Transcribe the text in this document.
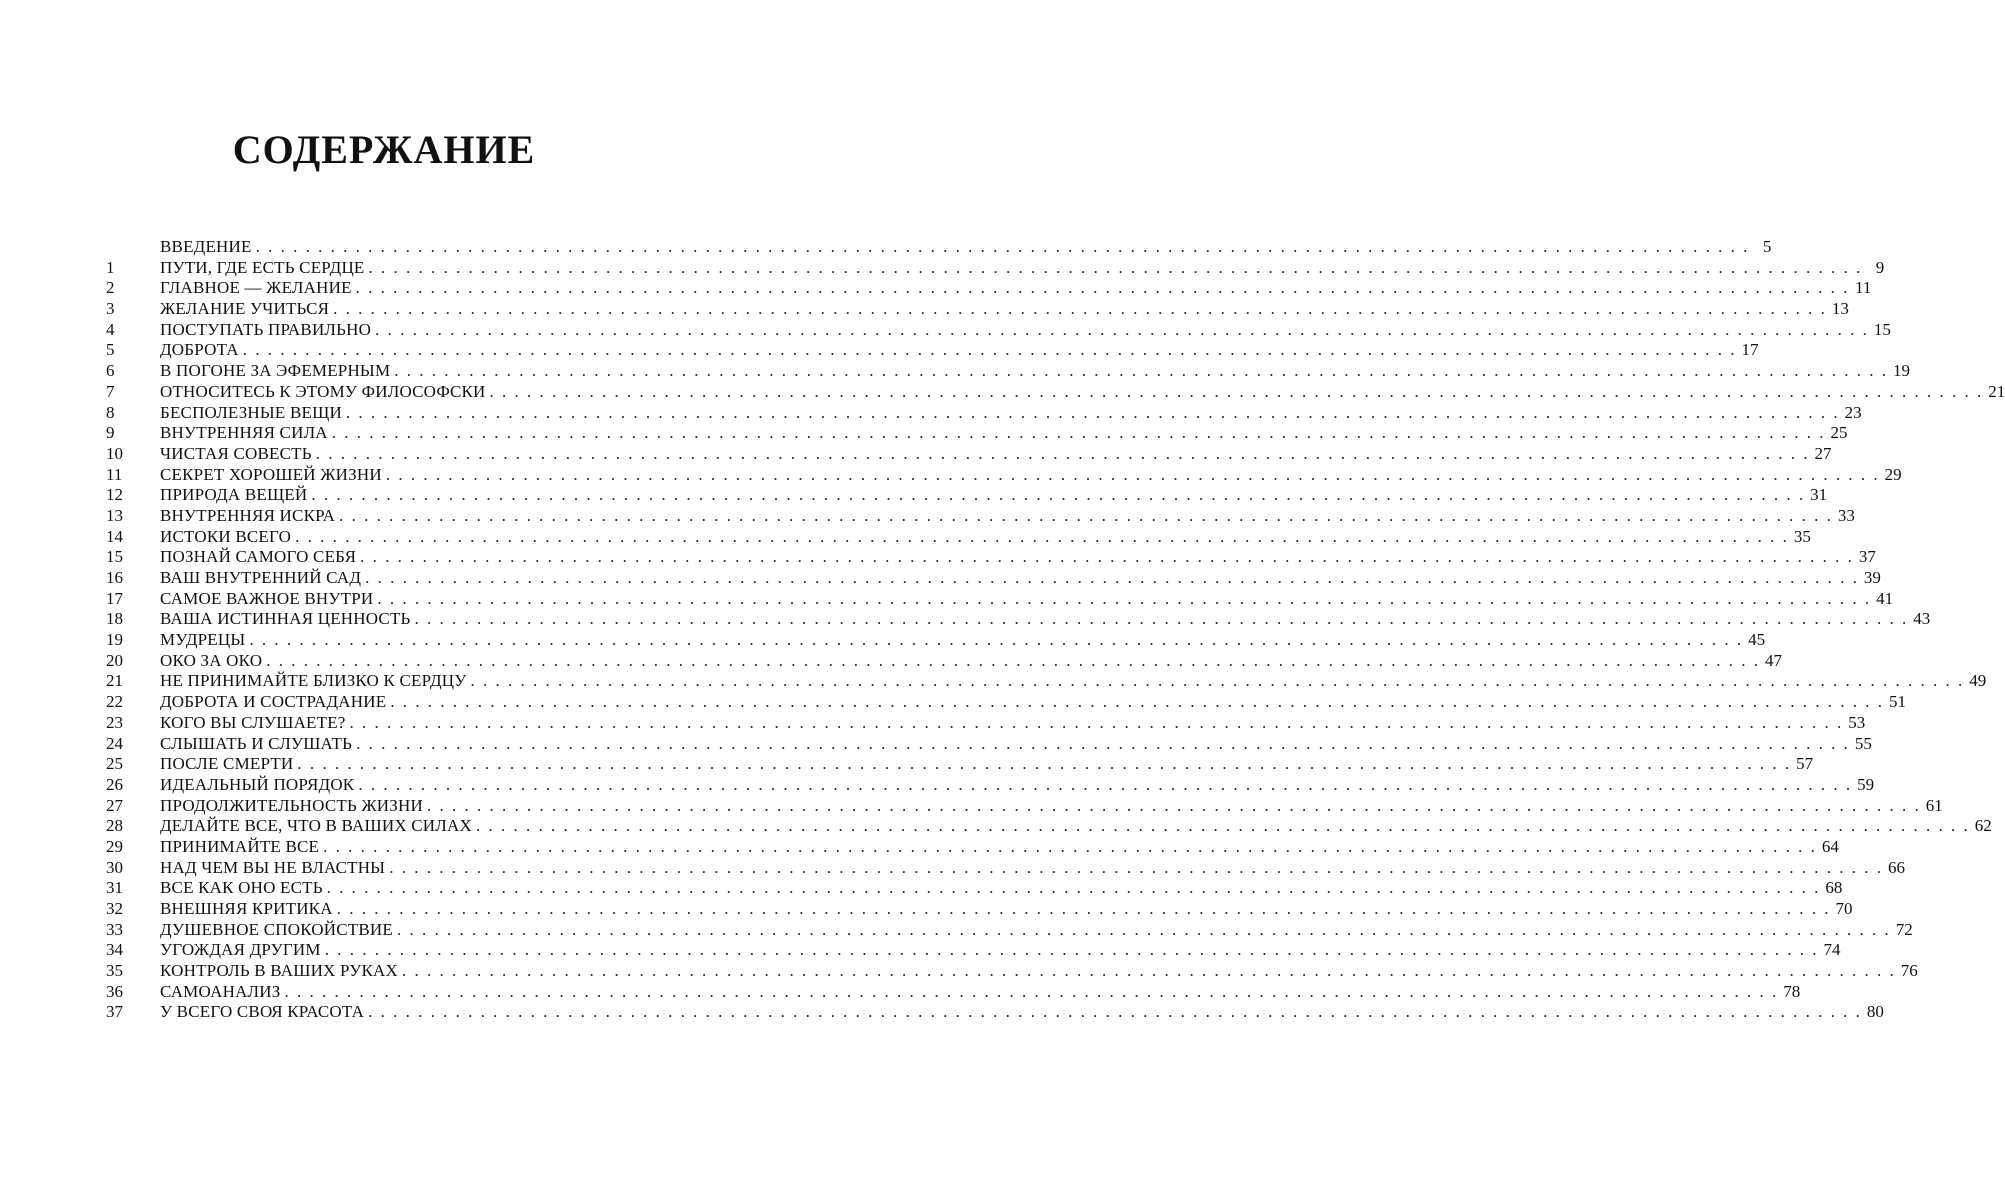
СОДЕРЖАНИЕ
ВВЕДЕНИЕ . . . . . . . . . . . . . . . . . . . . . . . . . . . . . . . . . . . . . . . . . . . . . . . . . . . . . . . . . . . . . . . . . . . . . . . . . . . . . . . . . . . . . . . . . . . . . . . . . . . . . . . . . . . . . . . . . . . . . . . . 5
1	ПУТИ, ГДЕ ЕСТЬ СЕРДЦЕ . . . . . . . . . . . . . . . . . . . . . . . . . . . . . . . . . . . . . . . . . . . . . . . . . . . . . . . . . . . . . . . . . . . . . . . . . . . . . . . . . . . . . . . . . . . . . . . . . . . . . . . . . . . . . . . . . . . . . . . . 9
2	ГЛАВНОЕ — ЖЕЛАНИЕ . . . . . . . . . . . . . . . . . . . . . . . . . . . . . . . . . . . . . . . . . . . . . . . . . . . . . . . . . . . . . . . . . . . . . . . . . . . . . . . . . . . . . . . . . . . . . . . . . . . . . . . . . . . . . . . . . . . . . . . . 11
3	ЖЕЛАНИЕ УЧИТЬСЯ . . . . . . . . . . . . . . . . . . . . . . . . . . . . . . . . . . . . . . . . . . . . . . . . . . . . . . . . . . . . . . . . . . . . . . . . . . . . . . . . . . . . . . . . . . . . . . . . . . . . . . . . . . . . . . . . . . . . . . . . 13
4	ПОСТУПАТЬ ПРАВИЛЬНО . . . . . . . . . . . . . . . . . . . . . . . . . . . . . . . . . . . . . . . . . . . . . . . . . . . . . . . . . . . . . . . . . . . . . . . . . . . . . . . . . . . . . . . . . . . . . . . . . . . . . . . . . . . . . . . . . . . . . . . . 15
5	ДОБРОТА . . . . . . . . . . . . . . . . . . . . . . . . . . . . . . . . . . . . . . . . . . . . . . . . . . . . . . . . . . . . . . . . . . . . . . . . . . . . . . . . . . . . . . . . . . . . . . . . . . . . . . . . . . . . . . . . . . . . . . . . 17
6	В ПОГОНЕ ЗА ЭФЕМЕРНЫМ . . . . . . . . . . . . . . . . . . . . . . . . . . . . . . . . . . . . . . . . . . . . . . . . . . . . . . . . . . . . . . . . . . . . . . . . . . . . . . . . . . . . . . . . . . . . . . . . . . . . . . . . . . . . . . . . . . . . . . . . 19
7	ОТНОСИТЕСЬ К ЭТОМУ ФИЛОСОФСКИ . . . . . . . . . . . . . . . . . . . . . . . . . . . . . . . . . . . . . . . . . . . . . . . . . . . . . . . . . . . . . . . . . . . . . . . . . . . . . . . . . . . . . . . . . . . . . . . . . . . . . . . . . . . . . . . . . . . . . . . . 21
8	БЕСПОЛЕЗНЫЕ ВЕЩИ . . . . . . . . . . . . . . . . . . . . . . . . . . . . . . . . . . . . . . . . . . . . . . . . . . . . . . . . . . . . . . . . . . . . . . . . . . . . . . . . . . . . . . . . . . . . . . . . . . . . . . . . . . . . . . . . . . . . . . . . 23
9	ВНУТРЕННЯЯ СИЛА . . . . . . . . . . . . . . . . . . . . . . . . . . . . . . . . . . . . . . . . . . . . . . . . . . . . . . . . . . . . . . . . . . . . . . . . . . . . . . . . . . . . . . . . . . . . . . . . . . . . . . . . . . . . . . . . . . . . . . . . 25
10	ЧИСТАЯ СОВЕСТЬ . . . . . . . . . . . . . . . . . . . . . . . . . . . . . . . . . . . . . . . . . . . . . . . . . . . . . . . . . . . . . . . . . . . . . . . . . . . . . . . . . . . . . . . . . . . . . . . . . . . . . . . . . . . . . . . . . . . . . . . . 27
11	СЕКРЕТ ХОРОШЕЙ ЖИЗНИ . . . . . . . . . . . . . . . . . . . . . . . . . . . . . . . . . . . . . . . . . . . . . . . . . . . . . . . . . . . . . . . . . . . . . . . . . . . . . . . . . . . . . . . . . . . . . . . . . . . . . . . . . . . . . . . . . . . . . . . . 29
12	ПРИРОДА ВЕЩЕЙ . . . . . . . . . . . . . . . . . . . . . . . . . . . . . . . . . . . . . . . . . . . . . . . . . . . . . . . . . . . . . . . . . . . . . . . . . . . . . . . . . . . . . . . . . . . . . . . . . . . . . . . . . . . . . . . . . . . . . . . . 31
13	ВНУТРЕННЯЯ ИСКРА . . . . . . . . . . . . . . . . . . . . . . . . . . . . . . . . . . . . . . . . . . . . . . . . . . . . . . . . . . . . . . . . . . . . . . . . . . . . . . . . . . . . . . . . . . . . . . . . . . . . . . . . . . . . . . . . . . . . . . . . 33
14	ИСТОКИ ВСЕГО . . . . . . . . . . . . . . . . . . . . . . . . . . . . . . . . . . . . . . . . . . . . . . . . . . . . . . . . . . . . . . . . . . . . . . . . . . . . . . . . . . . . . . . . . . . . . . . . . . . . . . . . . . . . . . . . . . . . . . . . 35
15	ПОЗНАЙ САМОГО СЕБЯ . . . . . . . . . . . . . . . . . . . . . . . . . . . . . . . . . . . . . . . . . . . . . . . . . . . . . . . . . . . . . . . . . . . . . . . . . . . . . . . . . . . . . . . . . . . . . . . . . . . . . . . . . . . . . . . . . . . . . . . . 37
16	ВАШ ВНУТРЕННИЙ САД . . . . . . . . . . . . . . . . . . . . . . . . . . . . . . . . . . . . . . . . . . . . . . . . . . . . . . . . . . . . . . . . . . . . . . . . . . . . . . . . . . . . . . . . . . . . . . . . . . . . . . . . . . . . . . . . . . . . . . . . 39
17	САМОЕ ВАЖНОЕ ВНУТРИ . . . . . . . . . . . . . . . . . . . . . . . . . . . . . . . . . . . . . . . . . . . . . . . . . . . . . . . . . . . . . . . . . . . . . . . . . . . . . . . . . . . . . . . . . . . . . . . . . . . . . . . . . . . . . . . . . . . . . . . . 41
18	ВАША ИСТИННАЯ ЦЕННОСТЬ . . . . . . . . . . . . . . . . . . . . . . . . . . . . . . . . . . . . . . . . . . . . . . . . . . . . . . . . . . . . . . . . . . . . . . . . . . . . . . . . . . . . . . . . . . . . . . . . . . . . . . . . . . . . . . . . . . . . . . . . 43
19	МУДРЕЦЫ . . . . . . . . . . . . . . . . . . . . . . . . . . . . . . . . . . . . . . . . . . . . . . . . . . . . . . . . . . . . . . . . . . . . . . . . . . . . . . . . . . . . . . . . . . . . . . . . . . . . . . . . . . . . . . . . . . . . . . . . 45
20	ОКО ЗА ОКО . . . . . . . . . . . . . . . . . . . . . . . . . . . . . . . . . . . . . . . . . . . . . . . . . . . . . . . . . . . . . . . . . . . . . . . . . . . . . . . . . . . . . . . . . . . . . . . . . . . . . . . . . . . . . . . . . . . . . . . . 47
21	НЕ ПРИНИМАЙТЕ БЛИЗКО К СЕРДЦУ . . . . . . . . . . . . . . . . . . . . . . . . . . . . . . . . . . . . . . . . . . . . . . . . . . . . . . . . . . . . . . . . . . . . . . . . . . . . . . . . . . . . . . . . . . . . . . . . . . . . . . . . . . . . . . . . . . . . . . . . 49
22	ДОБРОТА И СОСТРАДАНИЕ . . . . . . . . . . . . . . . . . . . . . . . . . . . . . . . . . . . . . . . . . . . . . . . . . . . . . . . . . . . . . . . . . . . . . . . . . . . . . . . . . . . . . . . . . . . . . . . . . . . . . . . . . . . . . . . . . . . . . . . . 51
23	КОГО ВЫ СЛУШАЕТЕ? . . . . . . . . . . . . . . . . . . . . . . . . . . . . . . . . . . . . . . . . . . . . . . . . . . . . . . . . . . . . . . . . . . . . . . . . . . . . . . . . . . . . . . . . . . . . . . . . . . . . . . . . . . . . . . . . . . . . . . . . 53
24	СЛЫШАТЬ И СЛУШАТЬ . . . . . . . . . . . . . . . . . . . . . . . . . . . . . . . . . . . . . . . . . . . . . . . . . . . . . . . . . . . . . . . . . . . . . . . . . . . . . . . . . . . . . . . . . . . . . . . . . . . . . . . . . . . . . . . . . . . . . . . . 55
25	ПОСЛЕ СМЕРТИ . . . . . . . . . . . . . . . . . . . . . . . . . . . . . . . . . . . . . . . . . . . . . . . . . . . . . . . . . . . . . . . . . . . . . . . . . . . . . . . . . . . . . . . . . . . . . . . . . . . . . . . . . . . . . . . . . . . . . . . . 57
26	ИДЕАЛЬНЫЙ ПОРЯДОК . . . . . . . . . . . . . . . . . . . . . . . . . . . . . . . . . . . . . . . . . . . . . . . . . . . . . . . . . . . . . . . . . . . . . . . . . . . . . . . . . . . . . . . . . . . . . . . . . . . . . . . . . . . . . . . . . . . . . . . . 59
27	ПРОДОЛЖИТЕЛЬНОСТЬ ЖИЗНИ . . . . . . . . . . . . . . . . . . . . . . . . . . . . . . . . . . . . . . . . . . . . . . . . . . . . . . . . . . . . . . . . . . . . . . . . . . . . . . . . . . . . . . . . . . . . . . . . . . . . . . . . . . . . . . . . . . . . . . . . 61
28	ДЕЛАЙТЕ ВСЕ, ЧТО В ВАШИХ СИЛАХ . . . . . . . . . . . . . . . . . . . . . . . . . . . . . . . . . . . . . . . . . . . . . . . . . . . . . . . . . . . . . . . . . . . . . . . . . . . . . . . . . . . . . . . . . . . . . . . . . . . . . . . . . . . . . . . . . . . . . . . . 62
29	ПРИНИМАЙТЕ ВСЕ . . . . . . . . . . . . . . . . . . . . . . . . . . . . . . . . . . . . . . . . . . . . . . . . . . . . . . . . . . . . . . . . . . . . . . . . . . . . . . . . . . . . . . . . . . . . . . . . . . . . . . . . . . . . . . . . . . . . . . . . 64
30	НАД ЧЕМ ВЫ НЕ ВЛАСТНЫ . . . . . . . . . . . . . . . . . . . . . . . . . . . . . . . . . . . . . . . . . . . . . . . . . . . . . . . . . . . . . . . . . . . . . . . . . . . . . . . . . . . . . . . . . . . . . . . . . . . . . . . . . . . . . . . . . . . . . . . . 66
31	ВСЕ КАК ОНО ЕСТЬ . . . . . . . . . . . . . . . . . . . . . . . . . . . . . . . . . . . . . . . . . . . . . . . . . . . . . . . . . . . . . . . . . . . . . . . . . . . . . . . . . . . . . . . . . . . . . . . . . . . . . . . . . . . . . . . . . . . . . . . . 68
32	ВНЕШНЯЯ КРИТИКА . . . . . . . . . . . . . . . . . . . . . . . . . . . . . . . . . . . . . . . . . . . . . . . . . . . . . . . . . . . . . . . . . . . . . . . . . . . . . . . . . . . . . . . . . . . . . . . . . . . . . . . . . . . . . . . . . . . . . . . . 70
33	ДУШЕВНОЕ СПОКОЙСТВИЕ . . . . . . . . . . . . . . . . . . . . . . . . . . . . . . . . . . . . . . . . . . . . . . . . . . . . . . . . . . . . . . . . . . . . . . . . . . . . . . . . . . . . . . . . . . . . . . . . . . . . . . . . . . . . . . . . . . . . . . . . 72
34	УГОЖДАЯ ДРУГИМ . . . . . . . . . . . . . . . . . . . . . . . . . . . . . . . . . . . . . . . . . . . . . . . . . . . . . . . . . . . . . . . . . . . . . . . . . . . . . . . . . . . . . . . . . . . . . . . . . . . . . . . . . . . . . . . . . . . . . . . . 74
35	КОНТРОЛЬ В ВАШИХ РУКАХ . . . . . . . . . . . . . . . . . . . . . . . . . . . . . . . . . . . . . . . . . . . . . . . . . . . . . . . . . . . . . . . . . . . . . . . . . . . . . . . . . . . . . . . . . . . . . . . . . . . . . . . . . . . . . . . . . . . . . . . . 76
36	САМОАНАЛИЗ . . . . . . . . . . . . . . . . . . . . . . . . . . . . . . . . . . . . . . . . . . . . . . . . . . . . . . . . . . . . . . . . . . . . . . . . . . . . . . . . . . . . . . . . . . . . . . . . . . . . . . . . . . . . . . . . . . . . . . . . 78
37	У ВСЕГО СВОЯ КРАСОТА . . . . . . . . . . . . . . . . . . . . . . . . . . . . . . . . . . . . . . . . . . . . . . . . . . . . . . . . . . . . . . . . . . . . . . . . . . . . . . . . . . . . . . . . . . . . . . . . . . . . . . . . . . . . . . . . . . . . . . . . 80
